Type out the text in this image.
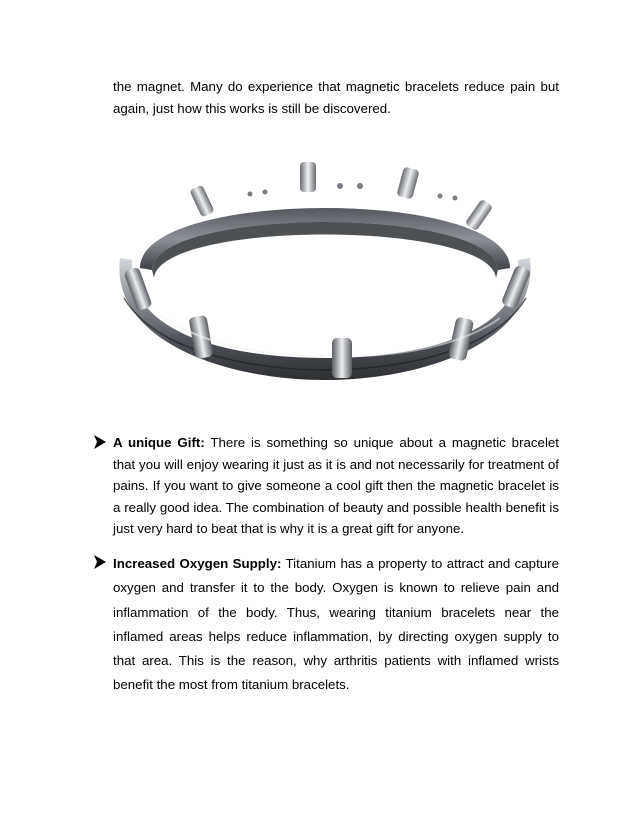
the magnet. Many do experience that magnetic bracelets reduce pain but again, just how this works is still be discovered.

A unique Gift: There is something so unique about a magnetic bracelet that you will enjoy wearing it just as it is and not necessarily for treatment of pains. If you want to give someone a cool gift then the magnetic bracelet is a really good idea. The combination of beauty and possible health benefit is just very hard to beat that is why it is a great gift for anyone.

Increased Oxygen Supply: Titanium has a property to attract and capture oxygen and transfer it to the body. Oxygen is known to relieve pain and inflammation of the body. Thus, wearing titanium bracelets near the inflamed areas helps reduce inflammation, by directing oxygen supply to that area. This is the reason, why arthritis patients with inflamed wrists benefit the most from titanium bracelets.
